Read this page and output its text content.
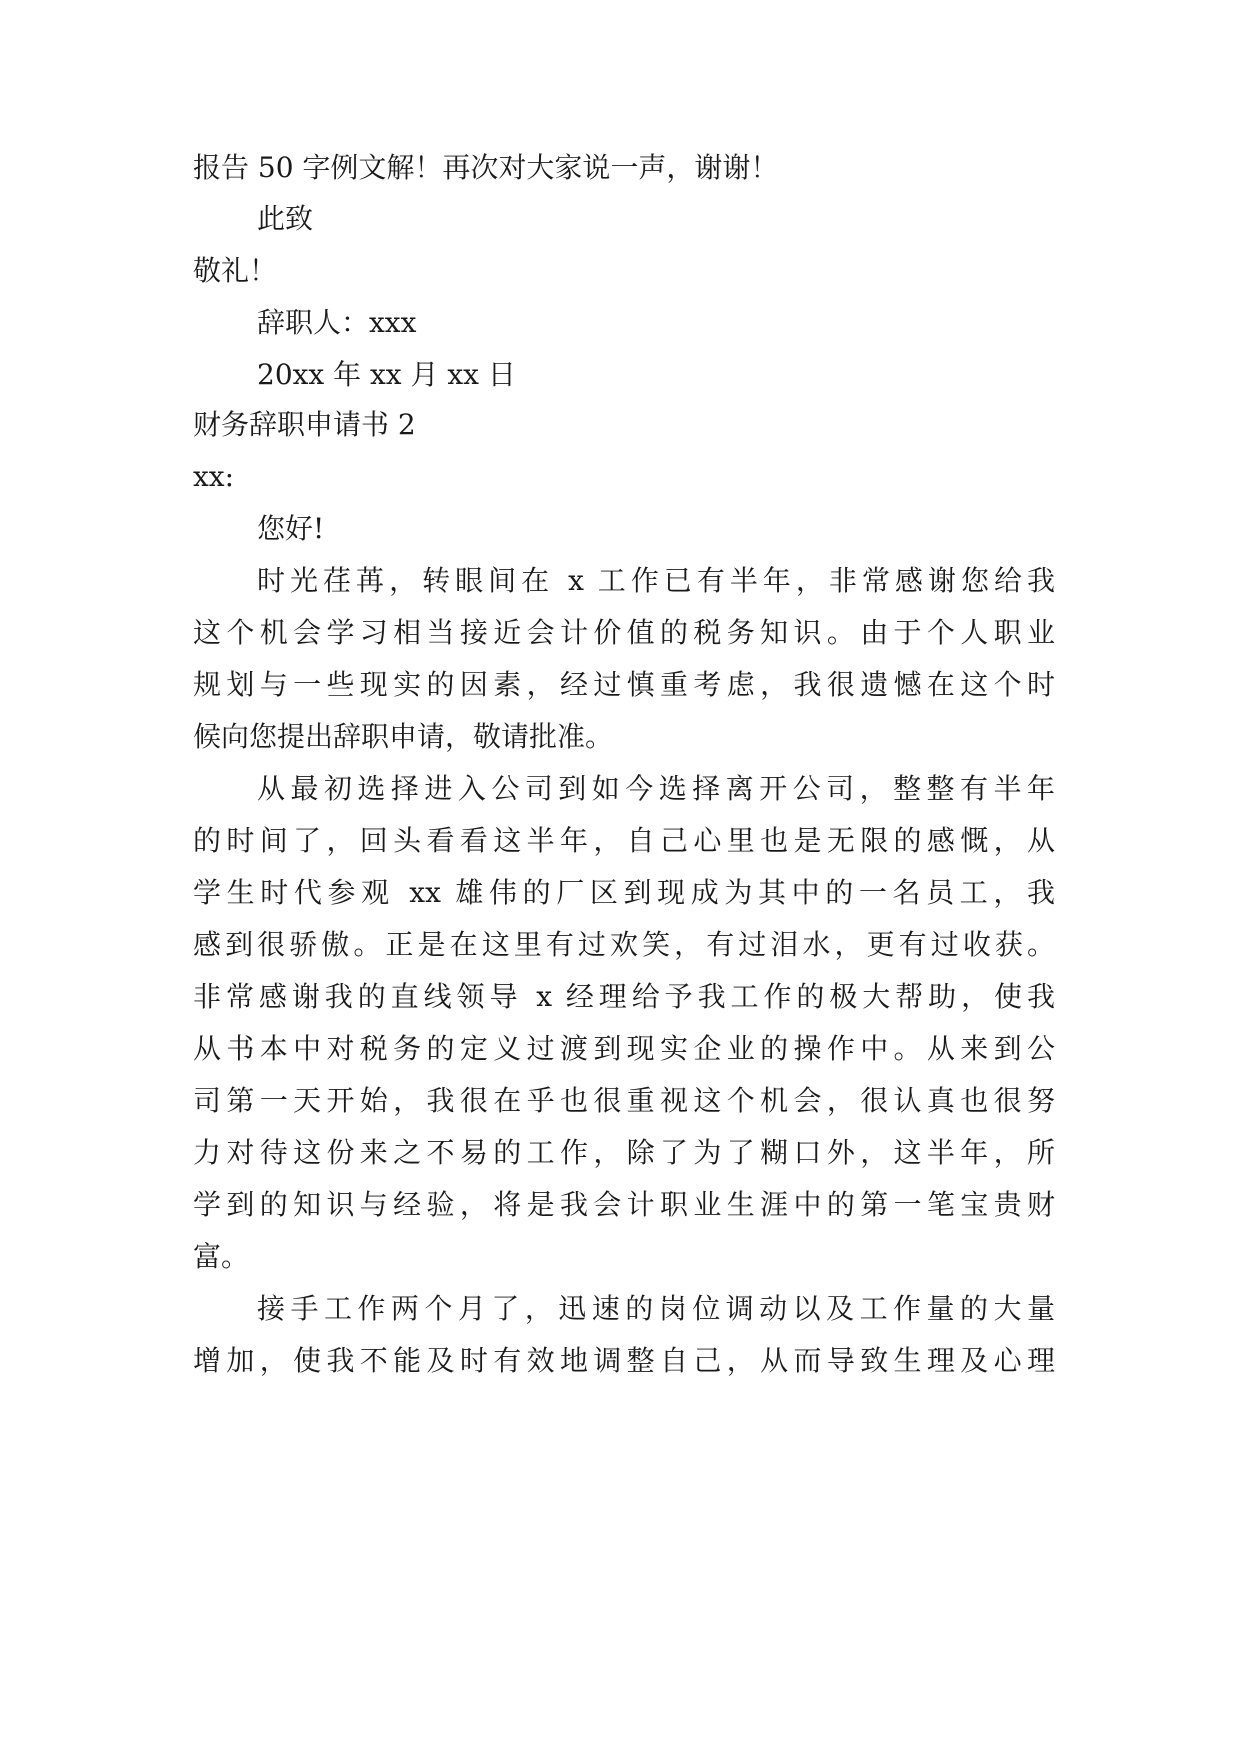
报告 50 字例文解！再次对大家说一声，谢谢！

此致

敬礼！

辞职人：xxx

20xx 年 xx 月 xx 日

财务辞职申请书 2

xx:

您好!

时光荏苒，转眼间在 x 工作已有半年，非常感谢您给我

这个机会学习相当接近会计价值的税务知识。由于个人职业

规划与一些现实的因素，经过慎重考虑，我很遗憾在这个时

候向您提出辞职申请，敬请批准。

从最初选择进入公司到如今选择离开公司，整整有半年

的时间了，回头看看这半年，自己心里也是无限的感慨，从

学生时代参观 xx 雄伟的厂区到现成为其中的一名员工，我

感到很骄傲。正是在这里有过欢笑，有过泪水，更有过收获。

非常感谢我的直线领导 x 经理给予我工作的极大帮助，使我

从书本中对税务的定义过渡到现实企业的操作中。从来到公

司第一天开始，我很在乎也很重视这个机会，很认真也很努

力对待这份来之不易的工作，除了为了糊口外，这半年，所

学到的知识与经验，将是我会计职业生涯中的第一笔宝贵财

富。

接手工作两个月了，迅速的岗位调动以及工作量的大量

增加，使我不能及时有效地调整自己，从而导致生理及心理
